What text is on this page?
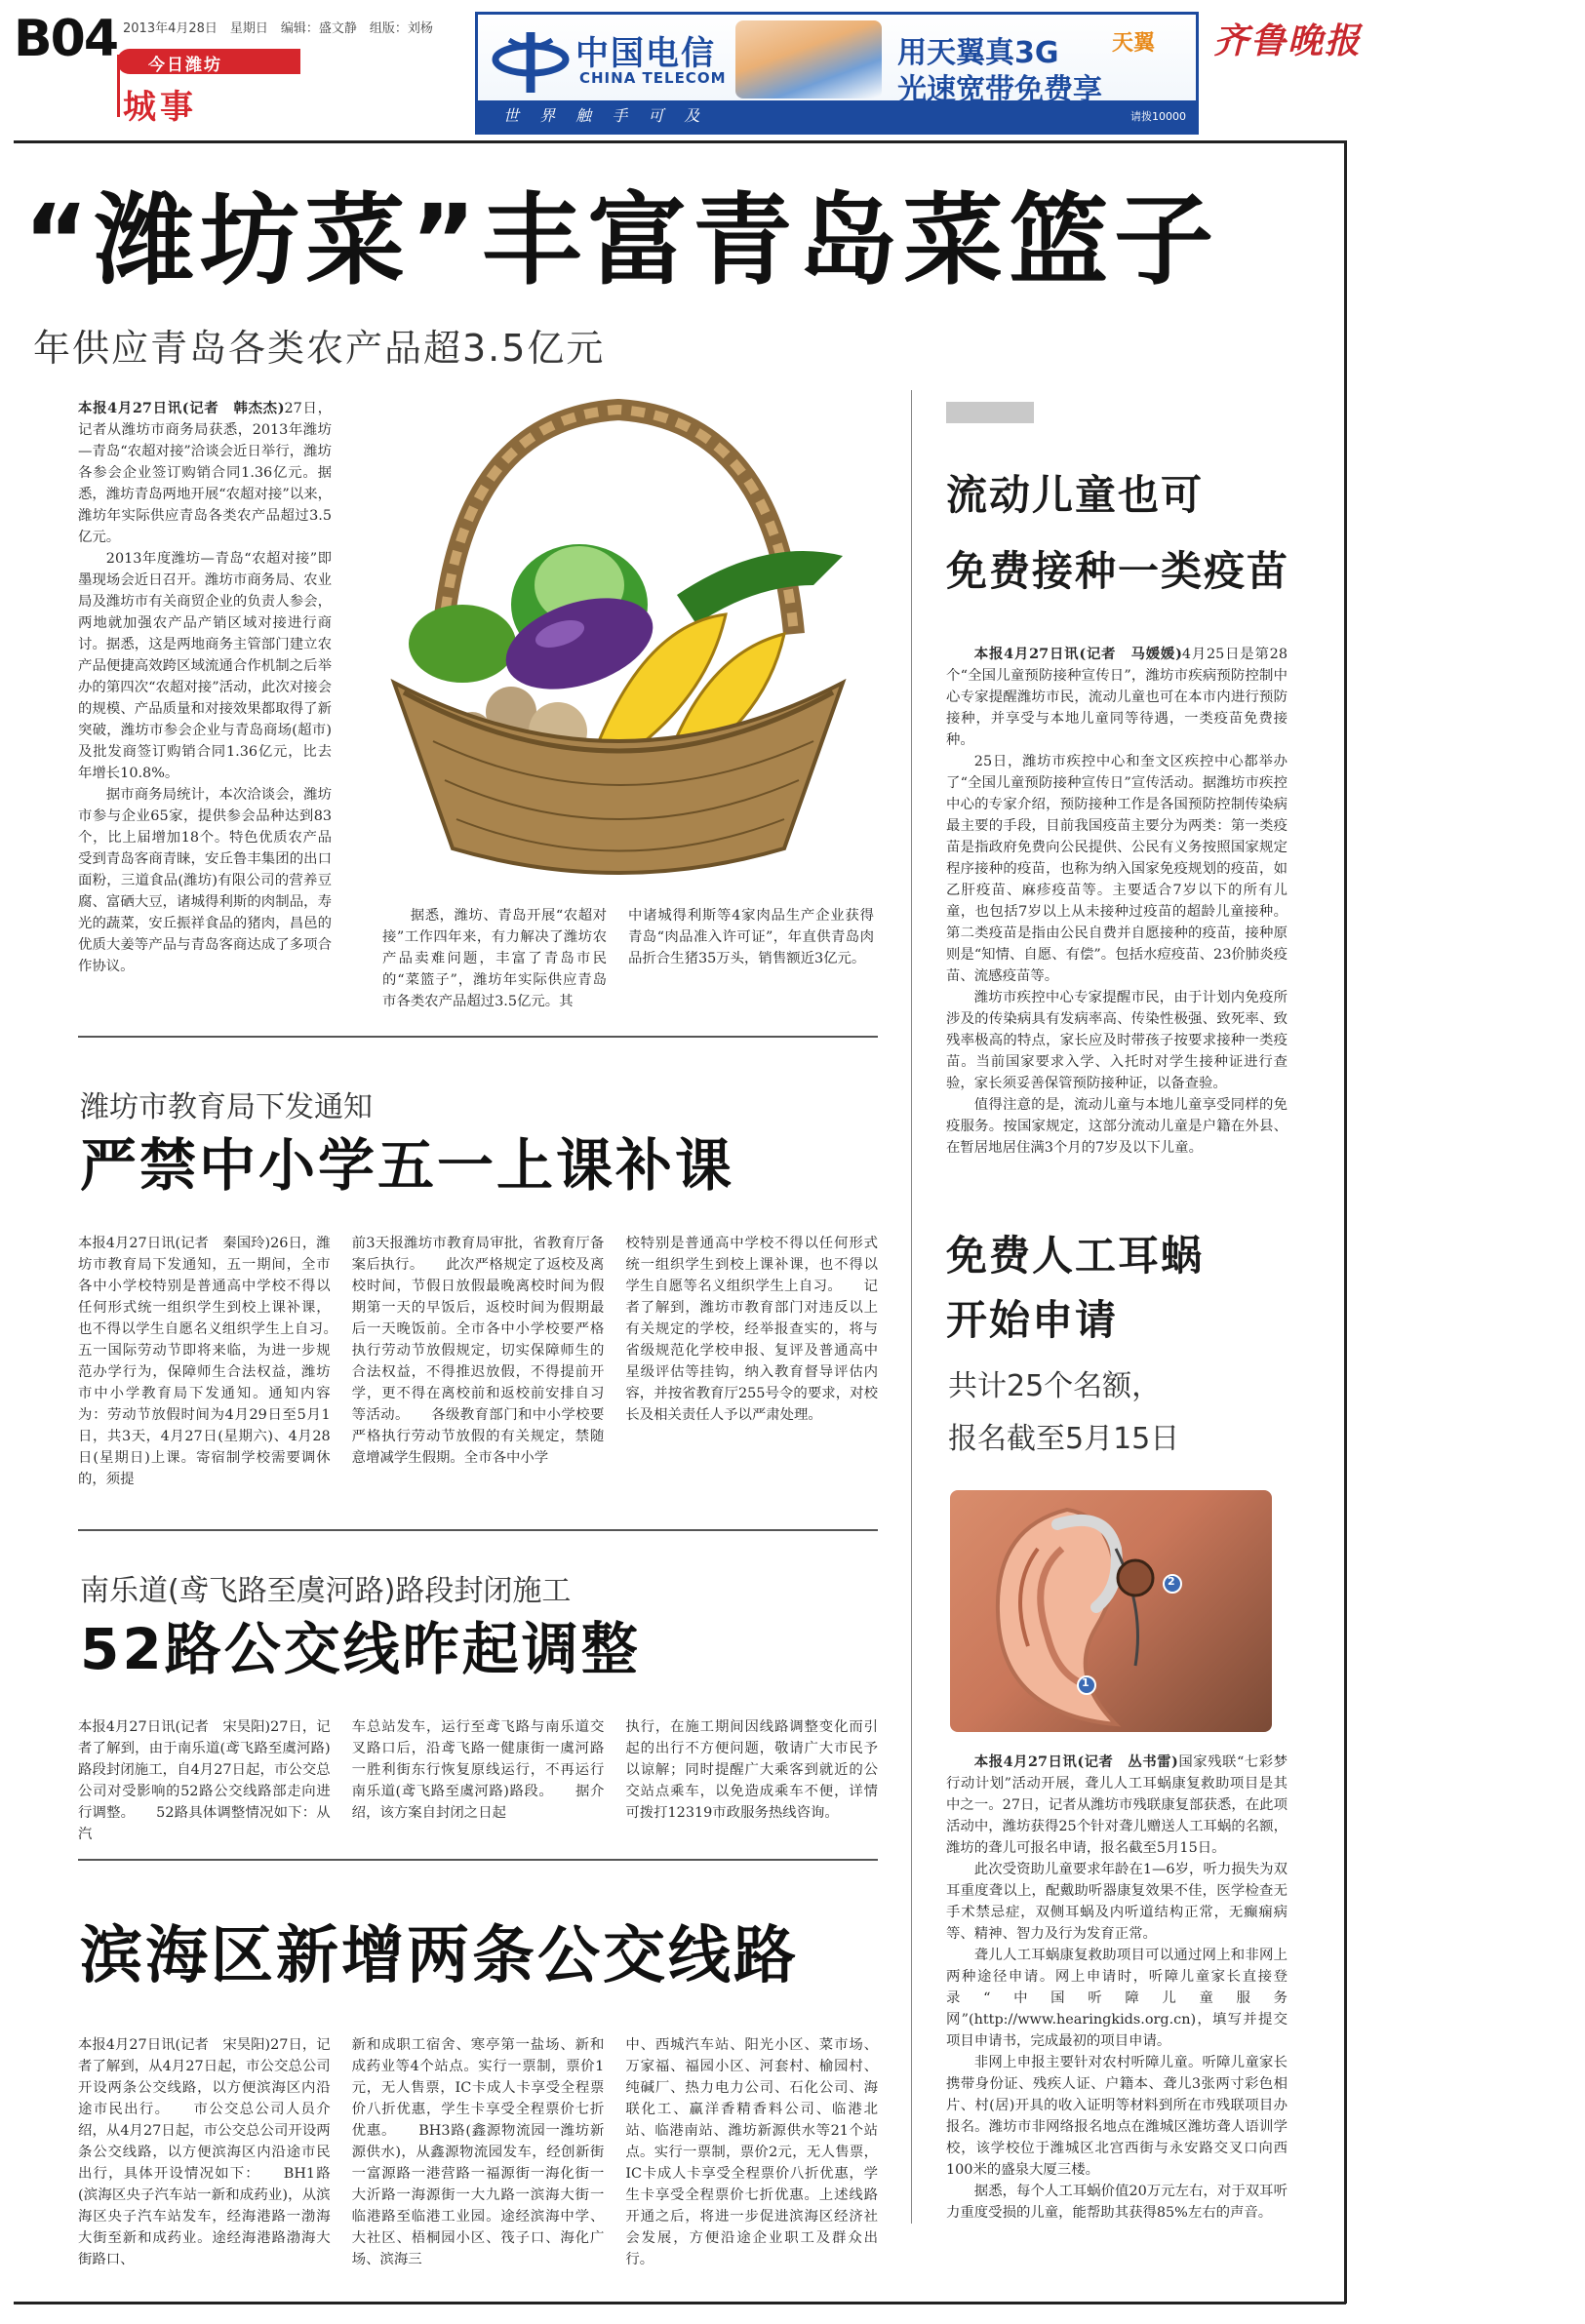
B04 2013年4月28日　星期日　编辑：盛文静　组版：刘杨
今日潍坊
城事
中国电信
CHINA TELECOM
世 界 触 手 可 及
用天翼真3G
光速宽带免费享
天翼
请拨10000
齐鲁晚报
“潍坊菜”丰富青岛菜篮子
年供应青岛各类农产品超3.5亿元

本报4月27日讯(记者　韩杰杰)27日，记者从潍坊市商务局获悉，2013年潍坊—青岛“农超对接”洽谈会近日举行，潍坊各参会企业签订购销合同1.36亿元。据悉，潍坊青岛两地开展“农超对接”以来，潍坊年实际供应青岛各类农产品超过3.5亿元。

2013年度潍坊—青岛“农超对接”即墨现场会近日召开。潍坊市商务局、农业局及潍坊市有关商贸企业的负责人参会，两地就加强农产品产销区域对接进行商讨。据悉，这是两地商务主管部门建立农产品便捷高效跨区域流通合作机制之后举办的第四次“农超对接”活动，此次对接会的规模、产品质量和对接效果都取得了新突破，潍坊市参会企业与青岛商场(超市)及批发商签订购销合同1.36亿元，比去年增长10.8%。

据市商务局统计，本次洽谈会，潍坊市参与企业65家，提供参会品种达到83个，比上届增加18个。特色优质农产品受到青岛客商青睐，安丘鲁丰集团的出口面粉，三道食品(潍坊)有限公司的营养豆腐、富硒大豆，诸城得利斯的肉制品，寿光的蔬菜，安丘振祥食品的猪肉，昌邑的优质大姜等产品与青岛客商达成了多项合作协议。

据悉，潍坊、青岛开展“农超对接”工作四年来，有力解决了潍坊农产品卖难问题，丰富了青岛市民的“菜篮子”，潍坊年实际供应青岛市各类农产品超过3.5亿元。其

中诸城得利斯等4家肉品生产企业获得青岛“肉品准入许可证”，年直供青岛肉品折合生猪35万头，销售额近3亿元。

潍坊市教育局下发通知
严禁中小学五一上课补课

本报4月27日讯(记者　秦国玲)26日，潍坊市教育局下发通知，五一期间，全市各中小学校特别是普通高中学校不得以任何形式统一组织学生到校上课补课，也不得以学生自愿名义组织学生上自习。　　五一国际劳动节即将来临，为进一步规范办学行为，保障师生合法权益，潍坊市中小学教育局下发通知。通知内容为：劳动节放假时间为4月29日至5月1日，共3天，4月27日(星期六)、4月28日(星期日)上课。寄宿制学校需要调休的，须提

前3天报潍坊市教育局审批，省教育厅备案后执行。　　此次严格规定了返校及离校时间，节假日放假最晚离校时间为假期第一天的早饭后，返校时间为假期最后一天晚饭前。全市各中小学校要严格执行劳动节放假规定，切实保障师生的合法权益，不得推迟放假，不得提前开学，更不得在离校前和返校前安排自习等活动。　　各级教育部门和中小学校要严格执行劳动节放假的有关规定，禁随意增减学生假期。全市各中小学

校特别是普通高中学校不得以任何形式统一组织学生到校上课补课，也不得以学生自愿等名义组织学生上自习。　　记者了解到，潍坊市教育部门对违反以上有关规定的学校，经举报查实的，将与省级规范化学校申报、复评及普通高中星级评估等挂钩，纳入教育督导评估内容，并按省教育厅255号令的要求，对校长及相关责任人予以严肃处理。

南乐道(鸢飞路至虞河路)路段封闭施工
52路公交线昨起调整

本报4月27日讯(记者　宋昊阳)27日，记者了解到，由于南乐道(鸢飞路至虞河路)路段封闭施工，自4月27日起，市公交总公司对受影响的52路公交线路部走向进行调整。　　52路具体调整情况如下：从汽

车总站发车，运行至鸢飞路与南乐道交叉路口后，沿鸢飞路一健康街一虞河路一胜利街东行恢复原线运行，不再运行南乐道(鸢飞路至虞河路)路段。　　据介绍，该方案自封闭之日起

执行，在施工期间因线路调整变化而引起的出行不方便问题，敬请广大市民予以谅解；同时提醒广大乘客到就近的公交站点乘车，以免造成乘车不便，详情可拨打12319市政服务热线咨询。

滨海区新增两条公交线路

本报4月27日讯(记者　宋昊阳)27日，记者了解到，从4月27日起，市公交总公司开设两条公交线路，以方便滨海区内沿途市民出行。　　市公交总公司人员介绍，从4月27日起，市公交总公司开设两条公交线路，以方便滨海区内沿途市民出行，具体开设情况如下：　　BH1路(滨海区央子汽车站一新和成药业)，从滨海区央子汽车站发车，经海港路一渤海大街至新和成药业。途经海港路渤海大街路口、

新和成职工宿舍、寒亭第一盐场、新和成药业等4个站点。实行一票制，票价1元，无人售票，IC卡成人卡享受全程票价八折优惠，学生卡享受全程票价七折优惠。　　BH3路(鑫源物流园一潍坊新源供水)，从鑫源物流园发车，经创新街一富源路一港营路一福源街一海化街一大沂路一海源街一大九路一滨海大街一临港路至临港工业园。途经滨海中学、大社区、梧桐园小区、筏子口、海化广场、滨海三

中、西城汽车站、阳光小区、菜市场、万家福、福园小区、河套村、榆园村、纯碱厂、热力电力公司、石化公司、海联化工、赢洋香精香料公司、临港北站、临港南站、潍坊新源供水等21个站点。实行一票制，票价2元，无人售票，IC卡成人卡享受全程票价八折优惠，学生卡享受全程票价七折优惠。上述线路开通之后，将进一步促进滨海区经济社会发展，方便沿途企业职工及群众出行。

流动儿童也可
免费接种一类疫苗

本报4月27日讯(记者　马媛媛)4月25日是第28个“全国儿童预防接种宣传日”，潍坊市疾病预防控制中心专家提醒潍坊市民，流动儿童也可在本市内进行预防接种，并享受与本地儿童同等待遇，一类疫苗免费接种。

25日，潍坊市疾控中心和奎文区疾控中心都举办了“全国儿童预防接种宣传日”宣传活动。据潍坊市疾控中心的专家介绍，预防接种工作是各国预防控制传染病最主要的手段，目前我国疫苗主要分为两类：第一类疫苗是指政府免费向公民提供、公民有义务按照国家规定程序接种的疫苗，也称为纳入国家免疫规划的疫苗，如乙肝疫苗、麻疹疫苗等。主要适合7岁以下的所有儿童，也包括7岁以上从未接种过疫苗的超龄儿童接种。第二类疫苗是指由公民自费并自愿接种的疫苗，接种原则是“知情、自愿、有偿”。包括水痘疫苗、23价肺炎疫苗、流感疫苗等。

潍坊市疾控中心专家提醒市民，由于计划内免疫所涉及的传染病具有发病率高、传染性极强、致死率、致残率极高的特点，家长应及时带孩子按要求接种一类疫苗。当前国家要求入学、入托时对学生接种证进行查验，家长须妥善保管预防接种证，以备查验。

值得注意的是，流动儿童与本地儿童享受同样的免疫服务。按国家规定，这部分流动儿童是户籍在外县、在暂居地居住满3个月的7岁及以下儿童。

免费人工耳蜗
开始申请
共计25个名额，
报名截至5月15日
1
2

本报4月27日讯(记者　丛书雷)国家残联“七彩梦行动计划”活动开展，聋儿人工耳蜗康复救助项目是其中之一。27日，记者从潍坊市残联康复部获悉，在此项活动中，潍坊获得25个针对聋儿赠送人工耳蜗的名额，潍坊的聋儿可报名申请，报名截至5月15日。

此次受资助儿童要求年龄在1—6岁，听力损失为双耳重度聋以上，配戴助听器康复效果不佳，医学检查无手术禁忌症，双侧耳蜗及内听道结构正常，无癫痫病等、精神、智力及行为发育正常。

聋儿人工耳蜗康复救助项目可以通过网上和非网上两种途径申请。网上申请时，听障儿童家长直接登录“中国听障儿童服务网”(http://www.hearingkids.org.cn)，填写并提交项目申请书，完成最初的项目申请。

非网上申报主要针对农村听障儿童。听障儿童家长携带身份证、残疾人证、户籍本、聋儿3张两寸彩色相片、村(居)开具的收入证明等材料到所在市残联项目办报名。潍坊市非网络报名地点在潍城区潍坊聋人语训学校，该学校位于潍城区北宫西街与永安路交叉口向西100米的盛泉大厦三楼。

据悉，每个人工耳蜗价值20万元左右，对于双耳听力重度受损的儿童，能帮助其获得85%左右的声音。
